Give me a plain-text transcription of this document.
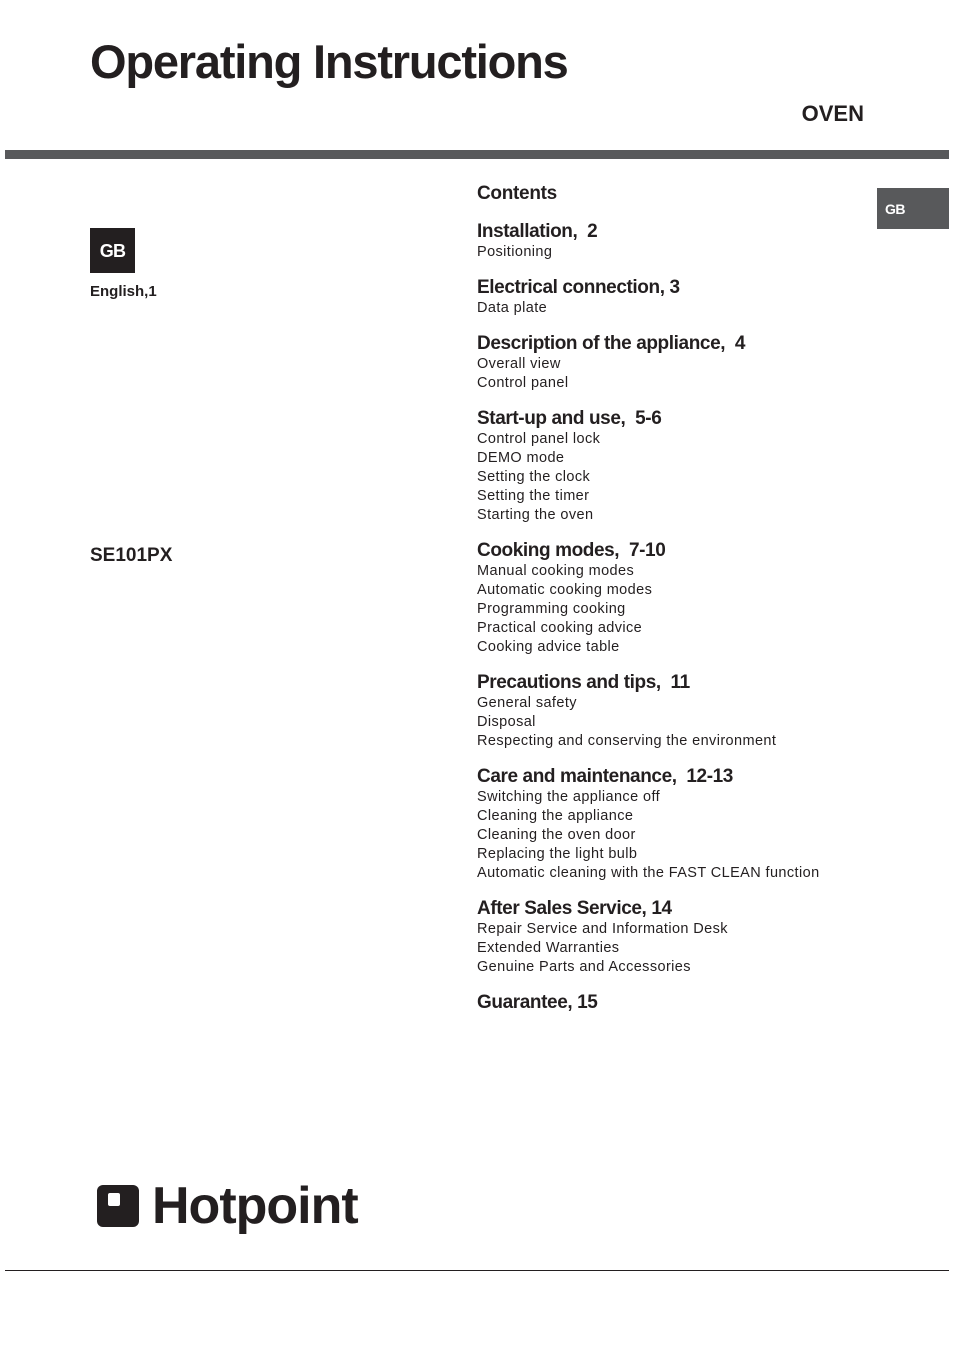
Operating Instructions
OVEN
GB
GB
English,1
SE101PX
Contents
Installation,  2
Positioning
Electrical connection, 3
Data plate
Description of the appliance,  4
Overall view
Control panel
Start-up and use,  5-6
Control panel lock
DEMO mode
Setting the clock
Setting the timer
Starting the oven
Cooking modes,  7-10
Manual cooking modes
Automatic cooking modes
Programming cooking
Practical cooking advice
Cooking advice table
Precautions and tips,  11
General safety
Disposal
Respecting and conserving the environment
Care and maintenance,  12-13
Switching the appliance off
Cleaning the appliance
Cleaning the oven door
Replacing the light bulb
Automatic cleaning with the FAST CLEAN function
After Sales Service, 14
Repair Service and Information Desk
Extended Warranties
Genuine Parts and Accessories
Guarantee, 15
Hotpoint
